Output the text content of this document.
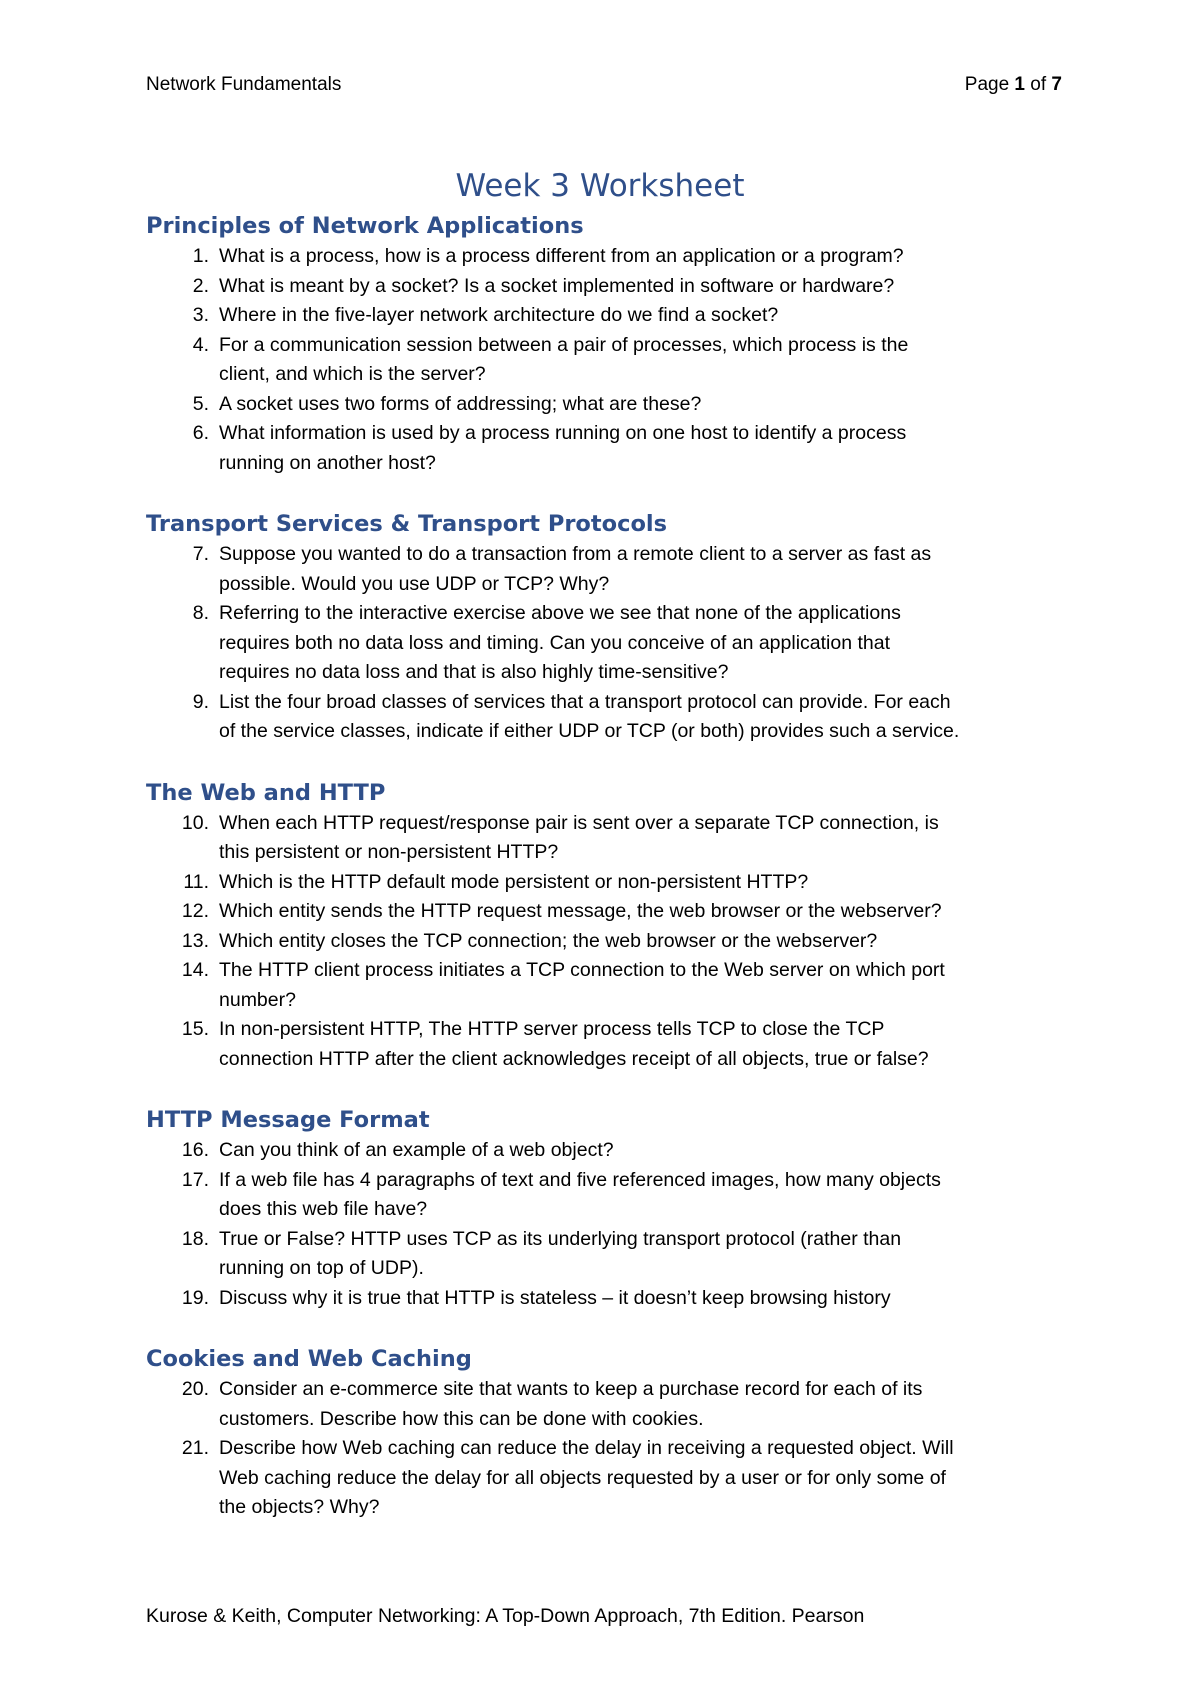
Network Fundamentals	Page 1 of 7
Week 3 Worksheet
Principles of Network Applications
1. What is a process, how is a process different from an application or a program?
2. What is meant by a socket? Is a socket implemented in software or hardware?
3. Where in the five-layer network architecture do we find a socket?
4. For a communication session between a pair of processes, which process is the
client, and which is the server?
5. A socket uses two forms of addressing; what are these?
6. What information is used by a process running on one host to identify a process
running on another host?
Transport Services & Transport Protocols
7. Suppose you wanted to do a transaction from a remote client to a server as fast as
possible. Would you use UDP or TCP? Why?
8. Referring to the interactive exercise above we see that none of the applications
requires both no data loss and timing. Can you conceive of an application that
requires no data loss and that is also highly time-sensitive?
9. List the four broad classes of services that a transport protocol can provide. For each
of the service classes, indicate if either UDP or TCP (or both) provides such a service.
The Web and HTTP
10. When each HTTP request/response pair is sent over a separate TCP connection, is
this persistent or non-persistent HTTP?
11. Which is the HTTP default mode persistent or non-persistent HTTP?
12. Which entity sends the HTTP request message, the web browser or the webserver?
13. Which entity closes the TCP connection; the web browser or the webserver?
14. The HTTP client process initiates a TCP connection to the Web server on which port
number?
15. In non-persistent HTTP, The HTTP server process tells TCP to close the TCP
connection HTTP after the client acknowledges receipt of all objects, true or false?
HTTP Message Format
16. Can you think of an example of a web object?
17. If a web file has 4 paragraphs of text and five referenced images, how many objects
does this web file have?
18. True or False? HTTP uses TCP as its underlying transport protocol (rather than
running on top of UDP).
19. Discuss why it is true that HTTP is stateless – it doesn’t keep browsing history
Cookies and Web Caching
20. Consider an e-commerce site that wants to keep a purchase record for each of its
customers. Describe how this can be done with cookies.
21. Describe how Web caching can reduce the delay in receiving a requested object. Will
Web caching reduce the delay for all objects requested by a user or for only some of
the objects? Why?
Kurose & Keith, Computer Networking: A Top-Down Approach, 7th Edition. Pearson
